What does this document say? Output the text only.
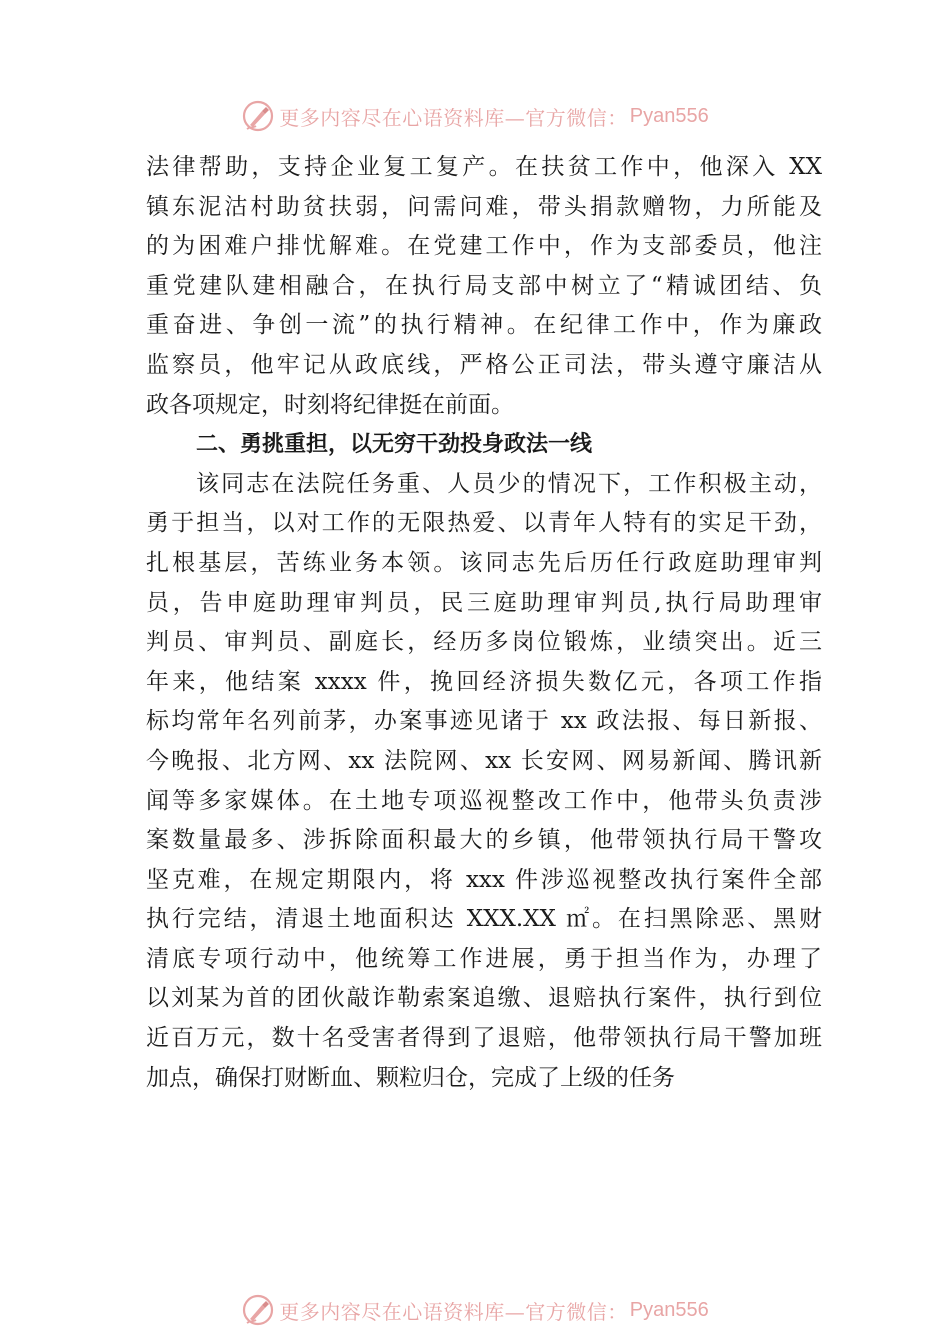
更多内容尽在心语资料库—官方微信： Pyan556
法律帮助，支持企业复工复产。在扶贫工作中，他深入 XX
镇东泥沽村助贫扶弱，问需问难，带头捐款赠物，力所能及
的为困难户排忧解难。在党建工作中，作为支部委员，他注
重党建队建相融合，在执行局支部中树立了“精诚团结、负
重奋进、争创一流”的执行精神。在纪律工作中，作为廉政
监察员，他牢记从政底线，严格公正司法，带头遵守廉洁从
政各项规定，时刻将纪律挺在前面。
二、勇挑重担，以无穷干劲投身政法一线
该同志在法院任务重、人员少的情况下，工作积极主动，
勇于担当，以对工作的无限热爱、以青年人特有的实足干劲，
扎根基层，苦练业务本领。该同志先后历任行政庭助理审判
员，告申庭助理审判员，民三庭助理审判员,执行局助理审
判员、审判员、副庭长，经历多岗位锻炼，业绩突出。近三
年来，他结案 xxxx 件，挽回经济损失数亿元，各项工作指
标均常年名列前茅，办案事迹见诸于 xx 政法报、每日新报、
今晚报、北方网、xx 法院网、xx 长安网、网易新闻、腾讯新
闻等多家媒体。在土地专项巡视整改工作中，他带头负责涉
案数量最多、涉拆除面积最大的乡镇，他带领执行局干警攻
坚克难，在规定期限内，将 xxx 件涉巡视整改执行案件全部
执行完结，清退土地面积达 XXX.XX ㎡。在扫黑除恶、黑财
清底专项行动中，他统筹工作进展，勇于担当作为，办理了
以刘某为首的团伙敲诈勒索案追缴、退赔执行案件，执行到位
近百万元，数十名受害者得到了退赔，他带领执行局干警加班
加点，确保打财断血、颗粒归仓，完成了上级的任务
更多内容尽在心语资料库—官方微信： Pyan556
